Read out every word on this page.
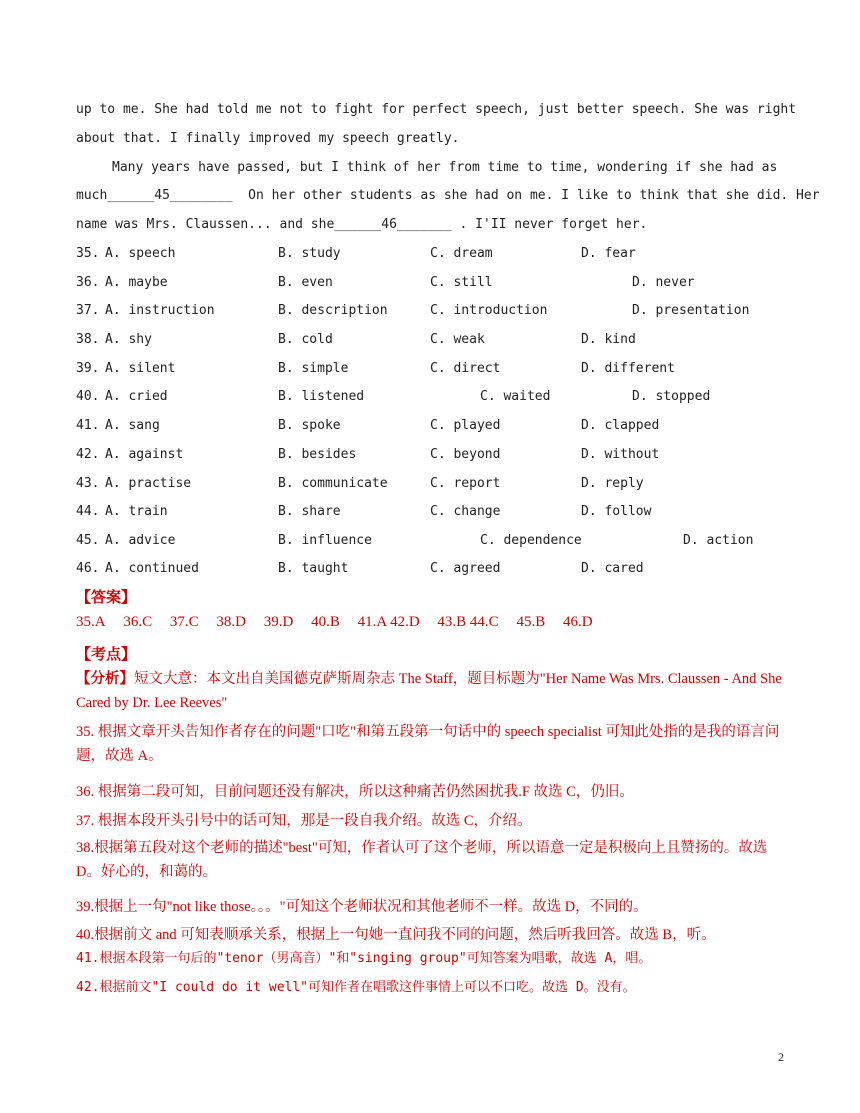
up to me. She had told me not to fight for perfect speech, just better speech. She was right
about that. I finally improved my speech greatly.
Many years have passed, but I think of her from time to time, wondering if she had as
much______45________  On her other students as she had on me. I like to think that she did. Her
name was Mrs. Claussen... and she______46_______ . I'II never forget her.
35. A. speech	B. study	C. dream	D. fear
36. A. maybe	B. even	C. still	D. never
37. A. instruction	B. description	C. introduction	D. presentation
38. A. shy	B. cold	C. weak	D. kind
39. A. silent	B. simple	C. direct	D. different
40. A. cried	B. listened	C. waited	D. stopped
41. A. sang	B. spoke	C. played	D. clapped
42. A. against	B. besides	C. beyond	D. without
43. A. practise	B. communicate	C. report	D. reply
44. A. train	B. share	C. change	D. follow
45. A. advice	B. influence	C. dependence	D. action
46. A. continued	B. taught	C. agreed	D. cared
【答案】
35.A 36.C 37.C 38.D 39.D 40.B 41.A 42.D 43.B 44.C 45.B 46.D
【考点】
【分析】短文大意：本文出自美国德克萨斯周杂志 The Staff，题目标题为"Her Name Was Mrs. Claussen - And She Cared by Dr. Lee Reeves"
35. 根据文章开头告知作者存在的问题"口吃"和第五段第一句话中的 speech specialist 可知此处指的是我的语言问题，故选 A。
36. 根据第二段可知，目前问题还没有解决，所以这种痛苦仍然困扰我.F 故选 C，仍旧。
37. 根据本段开头引号中的话可知，那是一段自我介绍。故选 C，介绍。
38.根据第五段对这个老师的描述"best"可知，作者认可了这个老师，所以语意一定是积极向上且赞扬的。故选 D。好心的，和蔼的。
39.根据上一句"not like those。。。"可知这个老师状况和其他老师不一样。故选 D，不同的。
40.根据前文 and 可知表顺承关系，根据上一句她一直问我不同的问题，然后听我回答。故选 B，听。
41.根据本段第一句后的"tenor（男高音）"和"singing group"可知答案为唱歌，故选 A，唱。
42.根据前文"I could do it well"可知作者在唱歌这件事情上可以不口吃。故选 D。没有。
2
